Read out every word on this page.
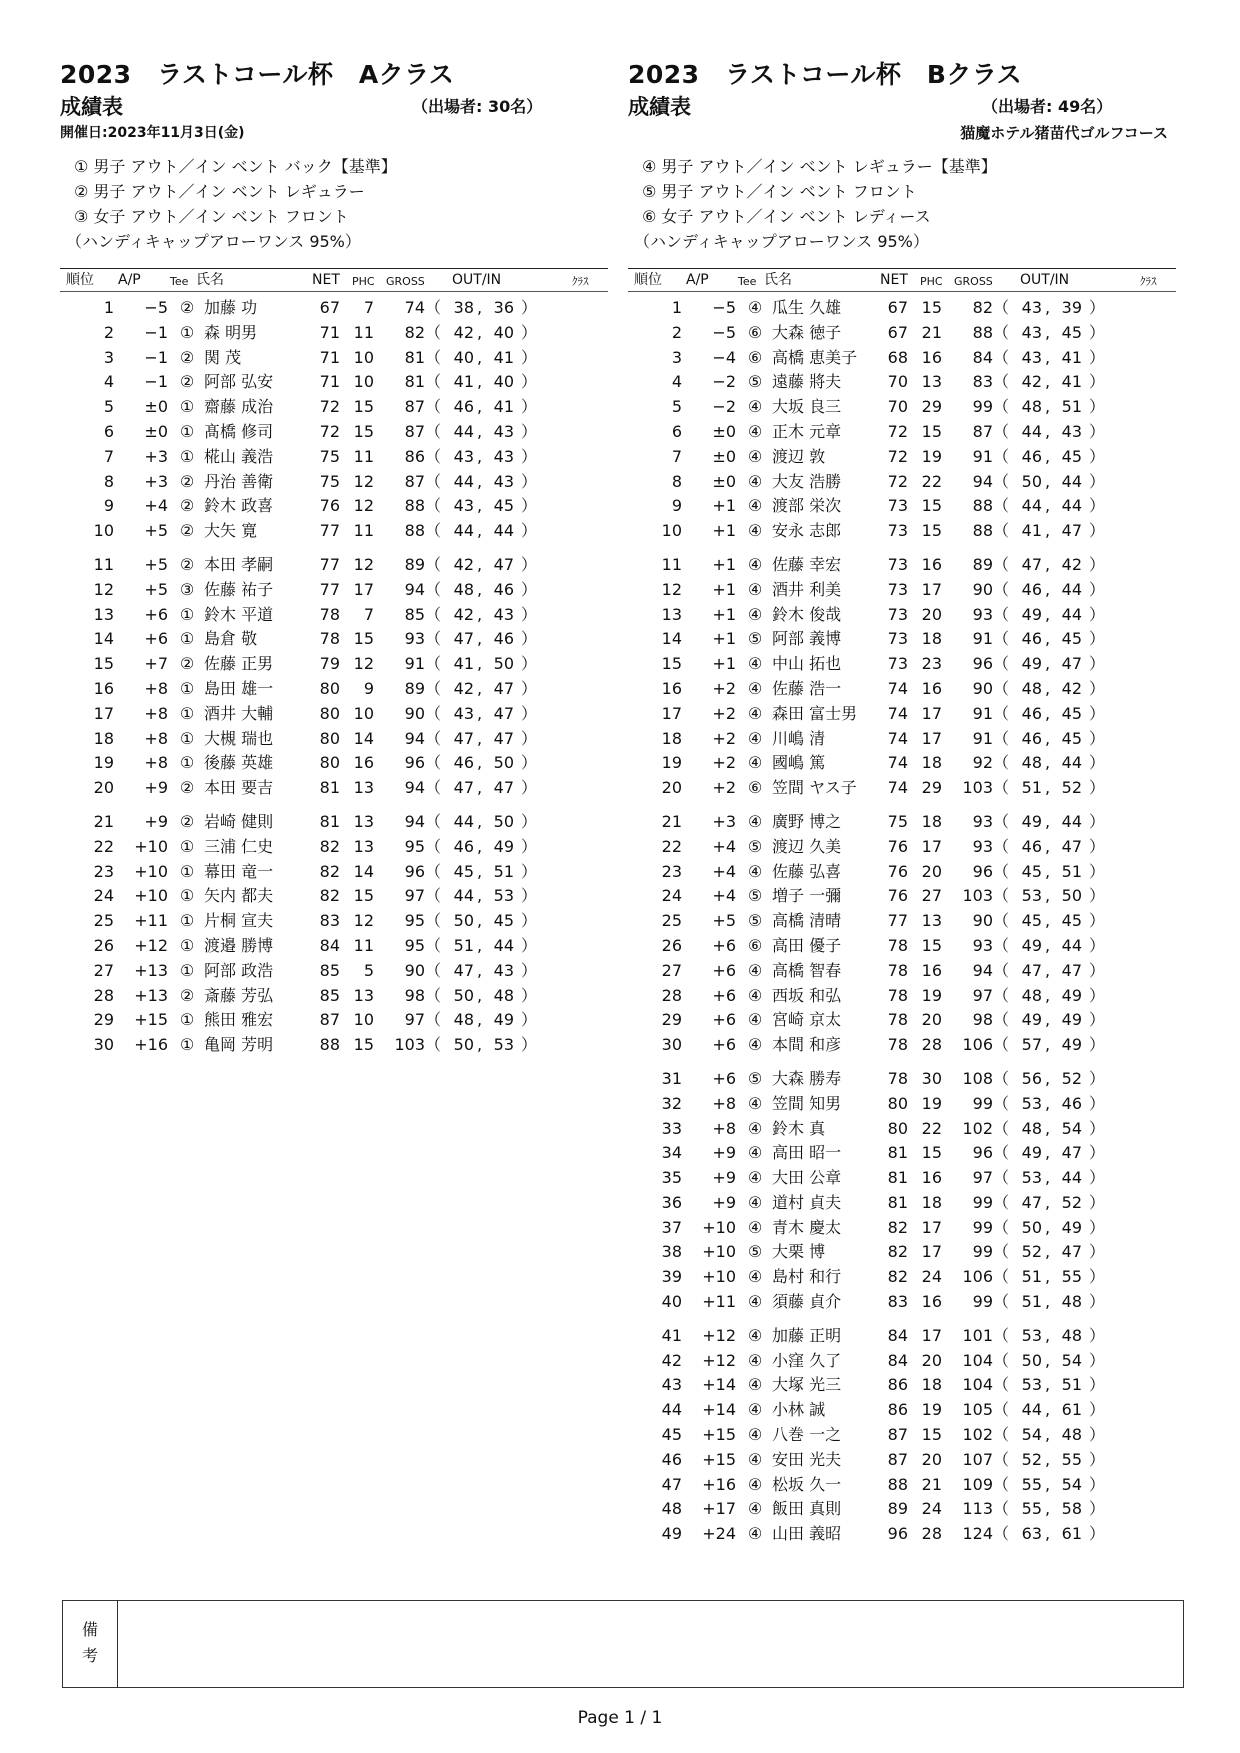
2023　ラストコール杯　Aクラス
成績表	（出場者: 30名）
開催日:2023年11月3日(金)
① 男子 アウト／イン ベント バック【基準】
② 男子 アウト／イン ベント レギュラー
③ 女子 アウト／イン ベント フロント
（ハンディキャップアローワンス 95%）
順位 A/P	Tee 氏名	NET PHC GROSS OUT/IN	ｸﾗｽ
1	−5 ② 加藤 功	67	7	74 （ 38 , 36 ）
2	−1 ① 森 明男	71 11	82 （ 42 , 40 ）
3	−1 ② 関 茂	71 10	81 （ 40 , 41 ）
4	−1 ② 阿部 弘安	71 10	81 （ 41 , 40 ）
5	±0 ① 齋藤 成治	72 15	87 （ 46 , 41 ）
6	±0 ① 髙橋 修司	72 15	87 （ 44 , 43 ）
7	+3 ① 椛山 義浩	75 11	86 （ 43 , 43 ）
8	+3 ② 丹治 善衛	75 12	87 （ 44 , 43 ）
9	+4 ② 鈴木 政喜	76 12	88 （ 43 , 45 ）
10	+5 ② 大矢 寛	77 11	88 （ 44 , 44 ）
11	+5 ② 本田 孝嗣	77 12	89 （ 42 , 47 ）
12	+5 ③ 佐藤 祐子	77 17	94 （ 48 , 46 ）
13	+6 ① 鈴木 平道	78	7	85 （ 42 , 43 ）
14	+6 ① 島倉 敬	78 15	93 （ 47 , 46 ）
15	+7 ② 佐藤 正男	79 12	91 （ 41 , 50 ）
16	+8 ① 島田 雄一	80	9	89 （ 42 , 47 ）
17	+8 ① 酒井 大輔	80 10	90 （ 43 , 47 ）
18	+8 ① 大槻 瑞也	80 14	94 （ 47 , 47 ）
19	+8 ① 後藤 英雄	80 16	96 （ 46 , 50 ）
20	+9 ② 本田 要吉	81 13	94 （ 47 , 47 ）
21	+9 ② 岩崎 健則	81 13	94 （ 44 , 50 ）
22	+10 ① 三浦 仁史	82 13	95 （ 46 , 49 ）
23	+10 ① 幕田 竜一	82 14	96 （ 45 , 51 ）
24	+10 ① 矢内 都夫	82 15	97 （ 44 , 53 ）
25	+11 ① 片桐 宣夫	83 12	95 （ 50 , 45 ）
26	+12 ① 渡邉 勝博	84 11	95 （ 51 , 44 ）
27	+13 ① 阿部 政浩	85	5	90 （ 47 , 43 ）
28	+13 ② 斎藤 芳弘	85 13	98 （ 50 , 48 ）
29	+15 ① 熊田 雅宏	87 10	97 （ 48 , 49 ）
30	+16 ① 亀岡 芳明	88 15	103 （ 50 , 53 ）
2023　ラストコール杯　Bクラス
成績表	（出場者: 49名）
猫魔ホテル猪苗代ゴルフコース
④ 男子 アウト／イン ベント レギュラー【基準】
⑤ 男子 アウト／イン ベント フロント
⑥ 女子 アウト／イン ベント レディース
（ハンディキャップアローワンス 95%）
順位 A/P	Tee 氏名	NET PHC GROSS OUT/IN	ｸﾗｽ
1	−5 ④ 瓜生 久雄	67 15	82 （ 43 , 39 ）
2	−5 ⑥ 大森 徳子	67 21	88 （ 43 , 45 ）
3	−4 ⑥ 高橋 恵美子	68 16	84 （ 43 , 41 ）
4	−2 ⑤ 遠藤 將夫	70 13	83 （ 42 , 41 ）
5	−2 ④ 大坂 良三	70 29	99 （ 48 , 51 ）
6	±0 ④ 正木 元章	72 15	87 （ 44 , 43 ）
7	±0 ④ 渡辺 敦	72 19	91 （ 46 , 45 ）
8	±0 ④ 大友 浩勝	72 22	94 （ 50 , 44 ）
9	+1 ④ 渡部 栄次	73 15	88 （ 44 , 44 ）
10	+1 ④ 安永 志郎	73 15	88 （ 41 , 47 ）
11	+1 ④ 佐藤 幸宏	73 16	89 （ 47 , 42 ）
12	+1 ④ 酒井 利美	73 17	90 （ 46 , 44 ）
13	+1 ④ 鈴木 俊哉	73 20	93 （ 49 , 44 ）
14	+1 ⑤ 阿部 義博	73 18	91 （ 46 , 45 ）
15	+1 ④ 中山 拓也	73 23	96 （ 49 , 47 ）
16	+2 ④ 佐藤 浩一	74 16	90 （ 48 , 42 ）
17	+2 ④ 森田 富士男	74 17	91 （ 46 , 45 ）
18	+2 ④ 川嶋 清	74 17	91 （ 46 , 45 ）
19	+2 ④ 國嶋 篤	74 18	92 （ 48 , 44 ）
20	+2 ⑥ 笠間 ヤス子	74 29	103 （ 51 , 52 ）
21	+3 ④ 廣野 博之	75 18	93 （ 49 , 44 ）
22	+4 ⑤ 渡辺 久美	76 17	93 （ 46 , 47 ）
23	+4 ④ 佐藤 弘喜	76 20	96 （ 45 , 51 ）
24	+4 ⑤ 増子 一彌	76 27	103 （ 53 , 50 ）
25	+5 ⑤ 高橋 清晴	77 13	90 （ 45 , 45 ）
26	+6 ⑥ 高田 優子	78 15	93 （ 49 , 44 ）
27	+6 ④ 高橋 智春	78 16	94 （ 47 , 47 ）
28	+6 ④ 西坂 和弘	78 19	97 （ 48 , 49 ）
29	+6 ④ 宮崎 京太	78 20	98 （ 49 , 49 ）
30	+6 ④ 本間 和彦	78 28	106 （ 57 , 49 ）
31	+6 ⑤ 大森 勝寿	78 30	108 （ 56 , 52 ）
32	+8 ④ 笠間 知男	80 19	99 （ 53 , 46 ）
33	+8 ④ 鈴木 真	80 22	102 （ 48 , 54 ）
34	+9 ④ 高田 昭一	81 15	96 （ 49 , 47 ）
35	+9 ④ 大田 公章	81 16	97 （ 53 , 44 ）
36	+9 ④ 道村 貞夫	81 18	99 （ 47 , 52 ）
37	+10 ④ 青木 慶太	82 17	99 （ 50 , 49 ）
38	+10 ⑤ 大栗 博	82 17	99 （ 52 , 47 ）
39	+10 ④ 島村 和行	82 24	106 （ 51 , 55 ）
40	+11 ④ 須藤 貞介	83 16	99 （ 51 , 48 ）
41	+12 ④ 加藤 正明	84 17	101 （ 53 , 48 ）
42	+12 ④ 小窪 久了	84 20	104 （ 50 , 54 ）
43	+14 ④ 大塚 光三	86 18	104 （ 53 , 51 ）
44	+14 ④ 小林 誠	86 19	105 （ 44 , 61 ）
45	+15 ④ 八巻 一之	87 15	102 （ 54 , 48 ）
46	+15 ④ 安田 光夫	87 20	107 （ 52 , 55 ）
47	+16 ④ 松坂 久一	88 21	109 （ 55 , 54 ）
48	+17 ④ 飯田 真則	89 24	113 （ 55 , 58 ）
49	+24 ④ 山田 義昭	96 28	124 （ 63 , 61 ）
備
考
Page 1 / 1
